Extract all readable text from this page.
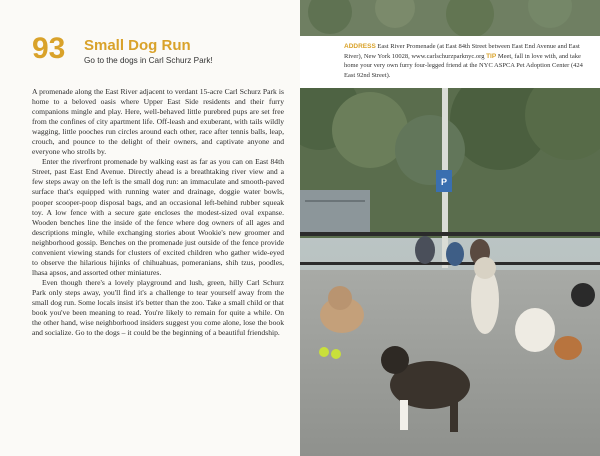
93 Small Dog Run
Go to the dogs in Carl Schurz Park!

A promenade along the East River adjacent to verdant 15-acre Carl Schurz Park is home to a beloved oasis where Upper East Side residents and their furry companions mingle and play. Here, well-behaved little purebred pups are set free from the confines of city apartment life. Off-leash and exuberant, with tails wildly wagging, little pooches run circles around each other, race after tennis balls, leap, crouch, and pounce to the delight of their owners, and captivate anyone and everyone who strolls by.

Enter the riverfront promenade by walking east as far as you can on East 84th Street, past East End Avenue. Directly ahead is a breathtaking river view and a few steps away on the left is the small dog run: an immaculate and smooth-paved surface that's equipped with running water and drainage, doggie water bowls, pooper scooper-poop disposal bags, and an occasional left-behind rubber squeak toy. A low fence with a secure gate encloses the modest-sized oval expanse. Wooden benches line the inside of the fence where dog owners of all ages and descriptions mingle, while exchanging stories about Wookie's new groomer and neighborhood gossip. Benches on the promenade just outside of the fence provide convenient viewing stands for clusters of excited children who gather wide-eyed to observe the hilarious hijinks of chihuahuas, pomeranians, shih tzus, poodles, lhasa apsos, and assorted other miniatures.

Even though there's a lovely playground and lush, green, hilly Carl Schurz Park only steps away, you'll find it's a challenge to tear yourself away from the small dog run. Some locals insist it's better than the zoo. Take a small child or that book you've been meaning to read. You're likely to remain for quite a while. On the other hand, wise neighborhood insiders suggest you come alone, lose the book and socialize. Go to the dogs – it could be the beginning of a beautiful friendship.

P
ADDRESS East River Promenade (at East 84th Street between East End Avenue and East River), New York 10028, www.carlschurzparknyc.org TIP Meet, fall in love with, and take home your very own furry four-legged friend at the NYC ASPCA Pet Adoption Center (424 East 92nd Street).
